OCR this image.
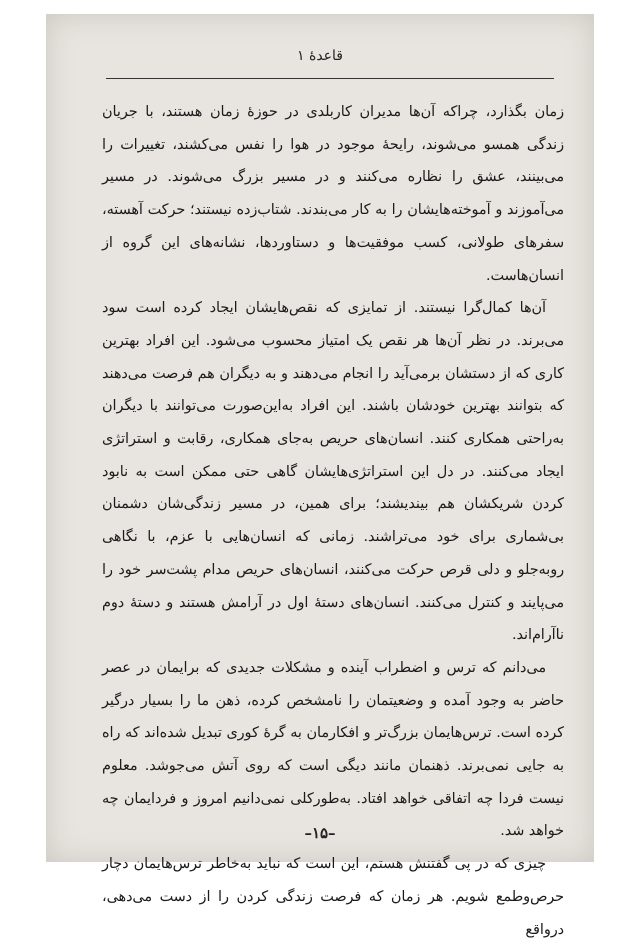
قاعدهٔ ۱

زمان بگذارد، چراکه آن‌ها مدیران کاربلدی در حوزهٔ زمان هستند، با جریان زندگی همسو می‌شوند، رایحهٔ موجود در هوا را نفس می‌کشند، تغییرات را می‌بینند، عشق را نظاره می‌کنند و در مسیر بزرگ می‌شوند. در مسیر می‌آموزند و آموخته‌هایشان را به کار می‌بندند. شتاب‌زده نیستند؛ حرکت آهسته، سفرهای طولانی، کسب موفقیت‌ها و دستاوردها، نشانه‌های این گروه از انسان‌هاست.

آن‌ها کمال‌گرا نیستند. از تمایزی که نقص‌هایشان ایجاد کرده است سود می‌برند. در نظر آن‌ها هر نقص یک امتیاز محسوب می‌شود. این افراد بهترین کاری که از دستشان برمی‌آید را انجام می‌دهند و به دیگران هم فرصت می‌دهند که بتوانند بهترین خودشان باشند. این افراد به‌این‌صورت می‌توانند با دیگران به‌راحتی همکاری کنند. انسان‌های حریص به‌جای همکاری، رقابت و استراتژی ایجاد می‌کنند. در دل این استراتژی‌هایشان گاهی حتی ممکن است به نابود کردن شریکشان هم بیندیشند؛ برای همین، در مسیر زندگی‌شان دشمنان بی‌شماری برای خود می‌تراشند. زمانی که انسان‌هایی با عزم، با نگاهی روبه‌جلو و دلی قرص حرکت می‌کنند، انسان‌های حریص مدام پشت‌سر خود را می‌پایند و کنترل می‌کنند. انسان‌های دستهٔ اول در آرامش هستند و دستهٔ دوم ناآرام‌اند.

می‌دانم که ترس و اضطراب آینده و مشکلات جدیدی که برایمان در عصر حاضر به وجود آمده و وضعیتمان را نامشخص کرده، ذهن ما را بسیار درگیر کرده است. ترس‌هایمان بزرگ‌تر و افکارمان به گرهٔ کوری تبدیل شده‌اند که راه به جایی نمی‌برند. ذهنمان مانند دیگی است که روی آتش می‌جوشد. معلوم نیست فردا چه اتفاقی خواهد افتاد. به‌طورکلی نمی‌دانیم امروز و فردایمان چه خواهد شد.

چیزی که در پی گفتنش هستم، این است که نباید به‌خاطر ترس‌هایمان دچار حرص‌وطمع شویم. هر زمان که فرصت زندگی کردن را از دست می‌دهی، درواقع

–۱۵–
